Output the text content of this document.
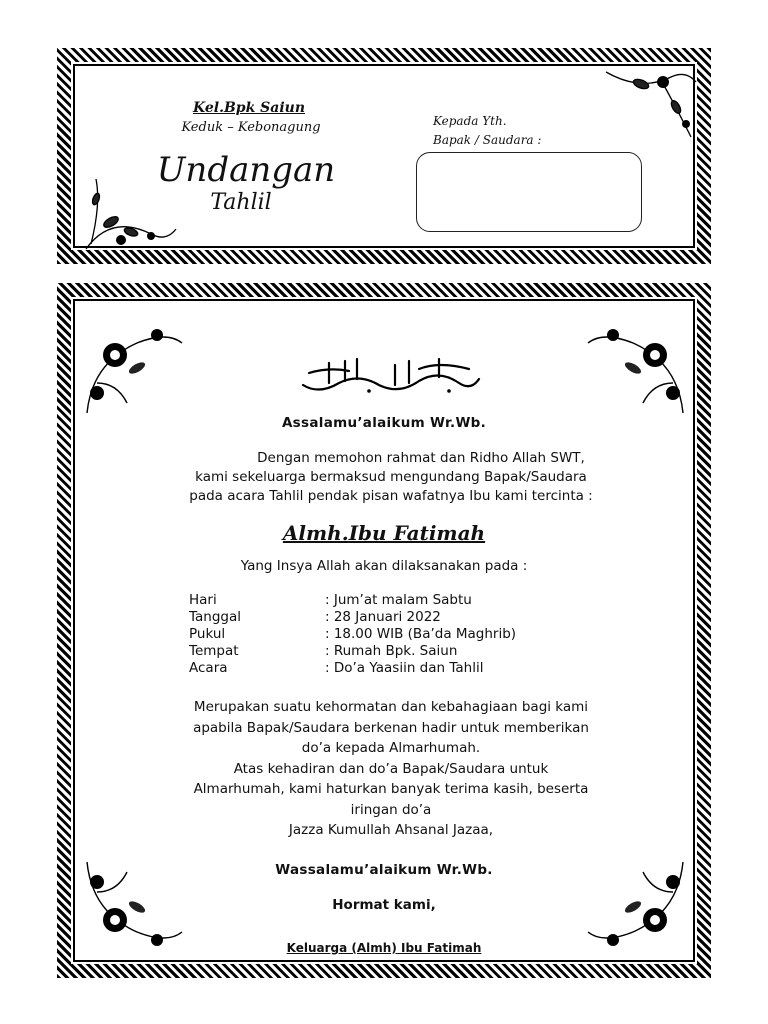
Kel.Bpk Saiun
Keduk – Kebonagung
Undangan
Tahlil
Kepada Yth.
Bapak / Saudara :
Assalamu’alaikum Wr.Wb.
Dengan memohon rahmat dan Ridho Allah SWT,
kami sekeluarga bermaksud mengundang Bapak/Saudara
pada acara Tahlil pendak pisan wafatnya Ibu kami tercinta :
Almh.Ibu Fatimah
Yang Insya Allah akan dilaksanakan pada :
Hari	: Jum’at malam Sabtu
Tanggal	: 28 Januari 2022
Pukul	: 18.00 WIB (Ba’da Maghrib)
Tempat	: Rumah Bpk. Saiun
Acara	: Do’a Yaasiin dan Tahlil
Merupakan suatu kehormatan dan kebahagiaan bagi kami
apabila Bapak/Saudara berkenan hadir untuk memberikan
do’a kepada Almarhumah.
Atas kehadiran dan do’a Bapak/Saudara untuk
Almarhumah, kami haturkan banyak terima kasih, beserta
iringan do’a
Jazza Kumullah Ahsanal Jazaa,
Wassalamu’alaikum Wr.Wb.
Hormat kami,
Keluarga (Almh) Ibu Fatimah
